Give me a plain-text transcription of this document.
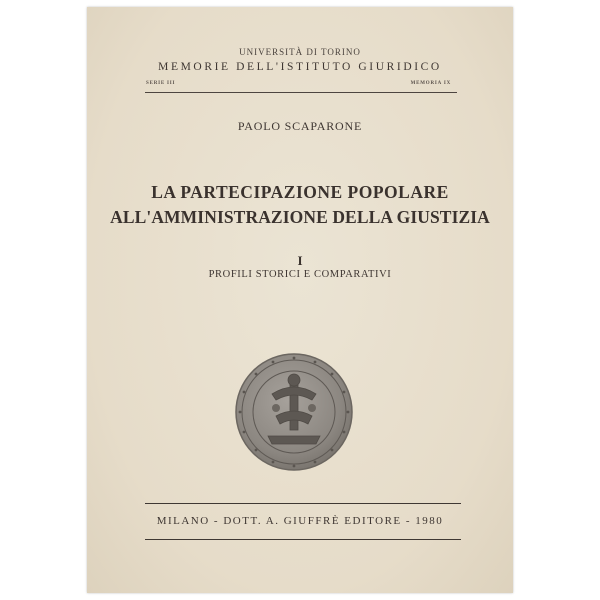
UNIVERSITÀ DI TORINO
MEMORIE DELL'ISTITUTO GIURIDICO
SERIE III	MEMORIA IX
PAOLO SCAPARONE
LA PARTECIPAZIONE POPOLARE
ALL'AMMINISTRAZIONE DELLA GIUSTIZIA
I
PROFILI STORICI E COMPARATIVI
MILANO - DOTT. A. GIUFFRÈ EDITORE - 1980
